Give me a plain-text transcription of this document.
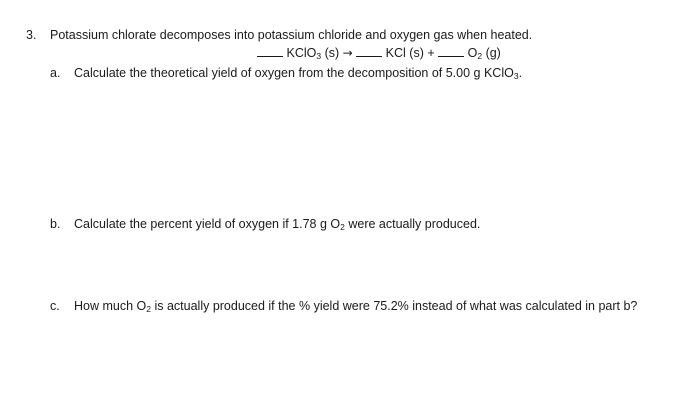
3. Potassium chlorate decomposes into potassium chloride and oxygen gas when heated.
KClO$_3$ (s) →	KCl (s) +	$O_2$ (g)
a. Calculate the theoretical yield of oxygen from the decomposition of 5.00 g KClO$_3$.
b. Calculate the percent yield of oxygen if 1.78 g $O_2$ were actually produced.
c. How much $O_2$ is actually produced if the % yield were 75.2% instead of what was calculated in part b?
